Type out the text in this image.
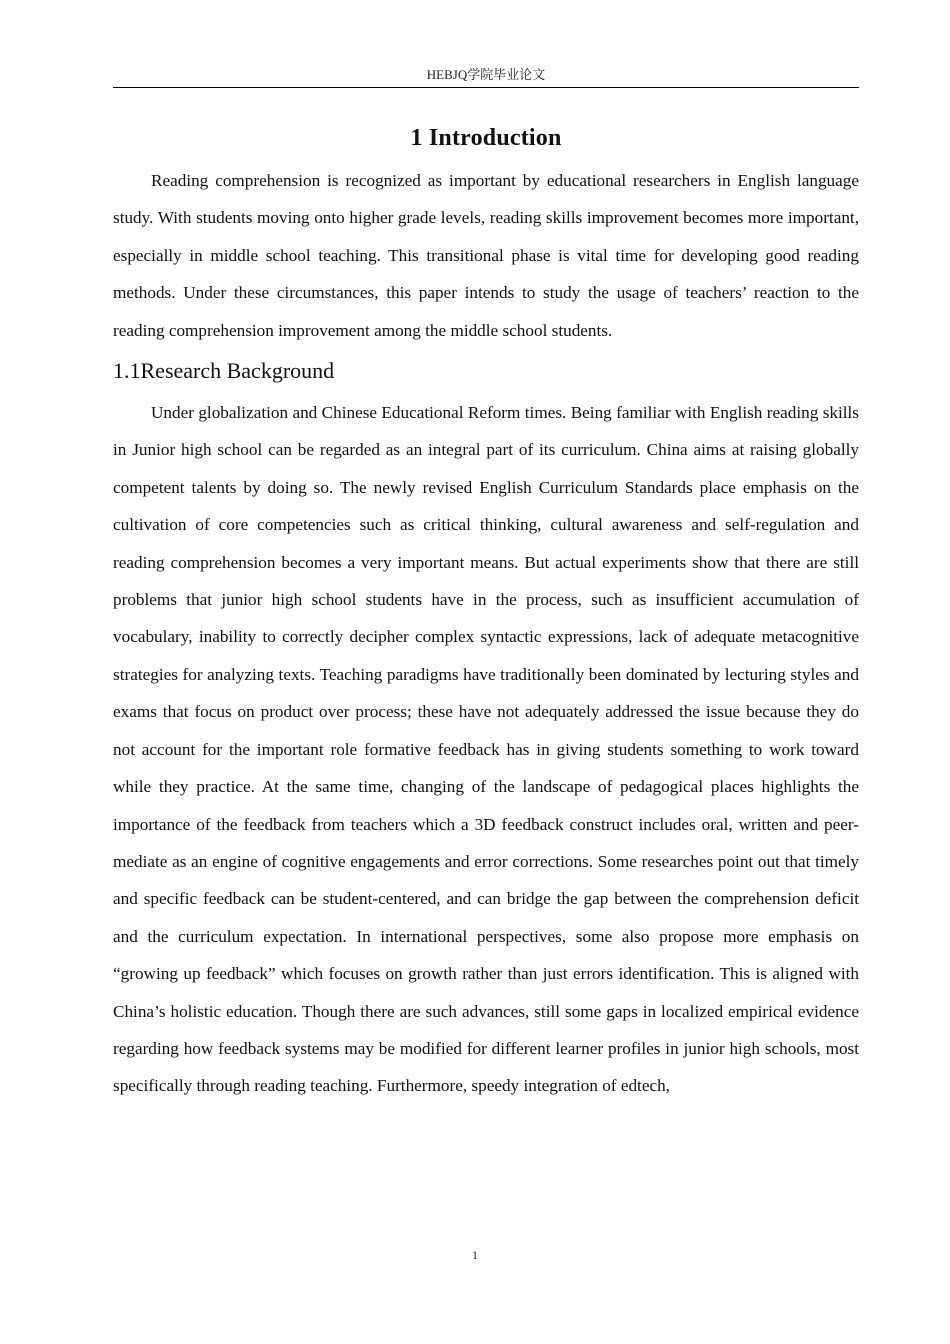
HEBJQ学院毕业论文
1 Introduction

Reading comprehension is recognized as important by educational researchers in English language study. With students moving onto higher grade levels, reading skills improvement becomes more important, especially in middle school teaching. This transitional phase is vital time for developing good reading methods. Under these circumstances, this paper intends to study the usage of teachers’ reaction to the reading comprehension improvement among the middle school students.

1.1Research Background

Under globalization and Chinese Educational Reform times. Being familiar with English reading skills in Junior high school can be regarded as an integral part of its curriculum. China aims at raising globally competent talents by doing so. The newly revised English Curriculum Standards place emphasis on the cultivation of core competencies such as critical thinking, cultural awareness and self-regulation and reading comprehension becomes a very important means. But actual experiments show that there are still problems that junior high school students have in the process, such as insufficient accumulation of vocabulary, inability to correctly decipher complex syntactic expressions, lack of adequate metacognitive strategies for analyzing texts. Teaching paradigms have traditionally been dominated by lecturing styles and exams that focus on product over process; these have not adequately addressed the issue because they do not account for the important role formative feedback has in giving students something to work toward while they practice. At the same time, changing of the landscape of pedagogical places highlights the importance of the feedback from teachers which a 3D feedback construct includes oral, written and peer-mediate as an engine of cognitive engagements and error corrections. Some researches point out that timely and specific feedback can be student-centered, and can bridge the gap between the comprehension deficit and the curriculum expectation. In international perspectives, some also propose more emphasis on “growing up feedback” which focuses on growth rather than just errors identification. This is aligned with China’s holistic education. Though there are such advances, still some gaps in localized empirical evidence regarding how feedback systems may be modified for different learner profiles in junior high schools, most specifically through reading teaching. Furthermore, speedy integration of edtech,

1
